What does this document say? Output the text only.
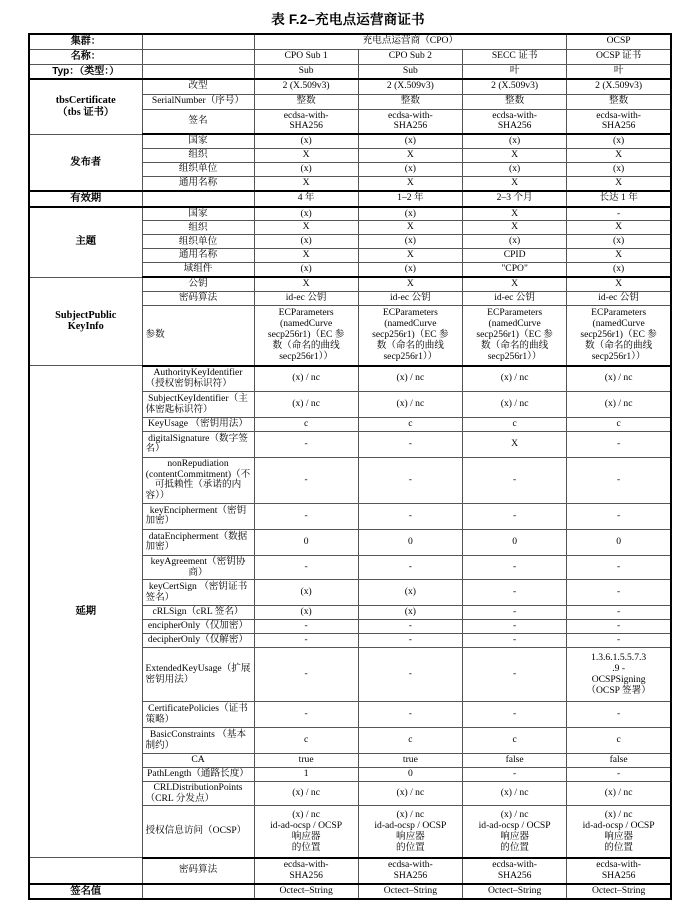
表 F.2–充电点运营商证书
集群：		充电点运营商（CPO）			OCSP
名称：		CPO Sub 1	CPO Sub 2	SECC 证书	OCSP 证书
Typ：（类型：）		Sub	Sub	叶	叶
tbsCertificate
（tbs 证书）	改型	2 (X.509v3)	2 (X.509v3)	2 (X.509v3)	2 (X.509v3)
	SerialNumber（序号）	整数	整数	整数	整数
	签名	ecdsa-with-
SHA256	ecdsa-with-
SHA256	ecdsa-with-
SHA256	ecdsa-with-
SHA256
发布者	国家	(x)	(x)	(x)	(x)
	组织	X	X	X	X
	组织单位	(x)	(x)	(x)	(x)
	通用名称	X	X	X	X
有效期		4 年	1–2 年	2–3 个月	长达 1 年
主题	国家	(x)	(x)	X	-
	组织	X	X	X	X
	组织单位	(x)	(x)	(x)	(x)
	通用名称	X	X	CPID	X
	域组件	(x)	(x)	"CPO"	(x)
SubjectPublic
KeyInfo	公钥	X	X	X	X
	密码算法	id-ec 公钥	id-ec 公钥	id-ec 公钥	id-ec 公钥
	参数	ECParameters
(namedCurve
secp256r1)（EC 参
数（命名的曲线
secp256r1））	ECParameters
(namedCurve
secp256r1)（EC 参
数（命名的曲线
secp256r1））	ECParameters
(namedCurve
secp256r1)（EC 参
数（命名的曲线
secp256r1））	ECParameters
(namedCurve
secp256r1)（EC 参
数（命名的曲线
secp256r1））
延期	AuthorityKeyIdentifier（授权密钥标识符）	(x) / nc	(x) / nc	(x) / nc	(x) / nc
	SubjectKeyIdentifier（主体密匙标识符）	(x) / nc	(x) / nc	(x) / nc	(x) / nc
	KeyUsage （密钥用法）	c	c	c	c
	digitalSignature（数字签名）	-	-	X	-
	nonRepudiation (contentCommitment)（不可抵赖性（承诺的内容））	-	-	-	-
	keyEncipherment（密钥加密）	-	-	-	-
	dataEncipherment（数据加密）	0	0	0	0
	keyAgreement（密钥协商）	-	-	-	-
	keyCertSign （密钥证书签名）	(x)	(x)	-	-
	cRLSign（cRL 签名）	(x)	(x)	-	-
	encipherOnly（仅加密）	-	-	-	-
	decipherOnly（仅解密）	-	-	-	-
	ExtendedKeyUsage（扩展密钥用法）	-	-	-	1.3.6.1.5.5.7.3
.9 -
OCSPSigning
（OCSP 签署）
	CertificatePolicies（证书策略）	-	-	-	-
	BasicConstraints （基本制约）	c	c	c	c
	CA	true	true	false	false
	PathLength（通路长度）	1	0	-	-
	CRLDistributionPoints（CRL 分发点）	(x) / nc	(x) / nc	(x) / nc	(x) / nc
	授权信息访问（OCSP）	(x) / nc
id-ad-ocsp / OCSP
响应器
的位置	(x) / nc
id-ad-ocsp / OCSP
响应器
的位置	(x) / nc
id-ad-ocsp / OCSP
响应器
的位置	(x) / nc
id-ad-ocsp / OCSP
响应器
的位置
	密码算法	ecdsa-with-
SHA256	ecdsa-with-
SHA256	ecdsa-with-
SHA256	ecdsa-with-
SHA256
签名值		Octect–String	Octect–String	Octect–String	Octect–String
